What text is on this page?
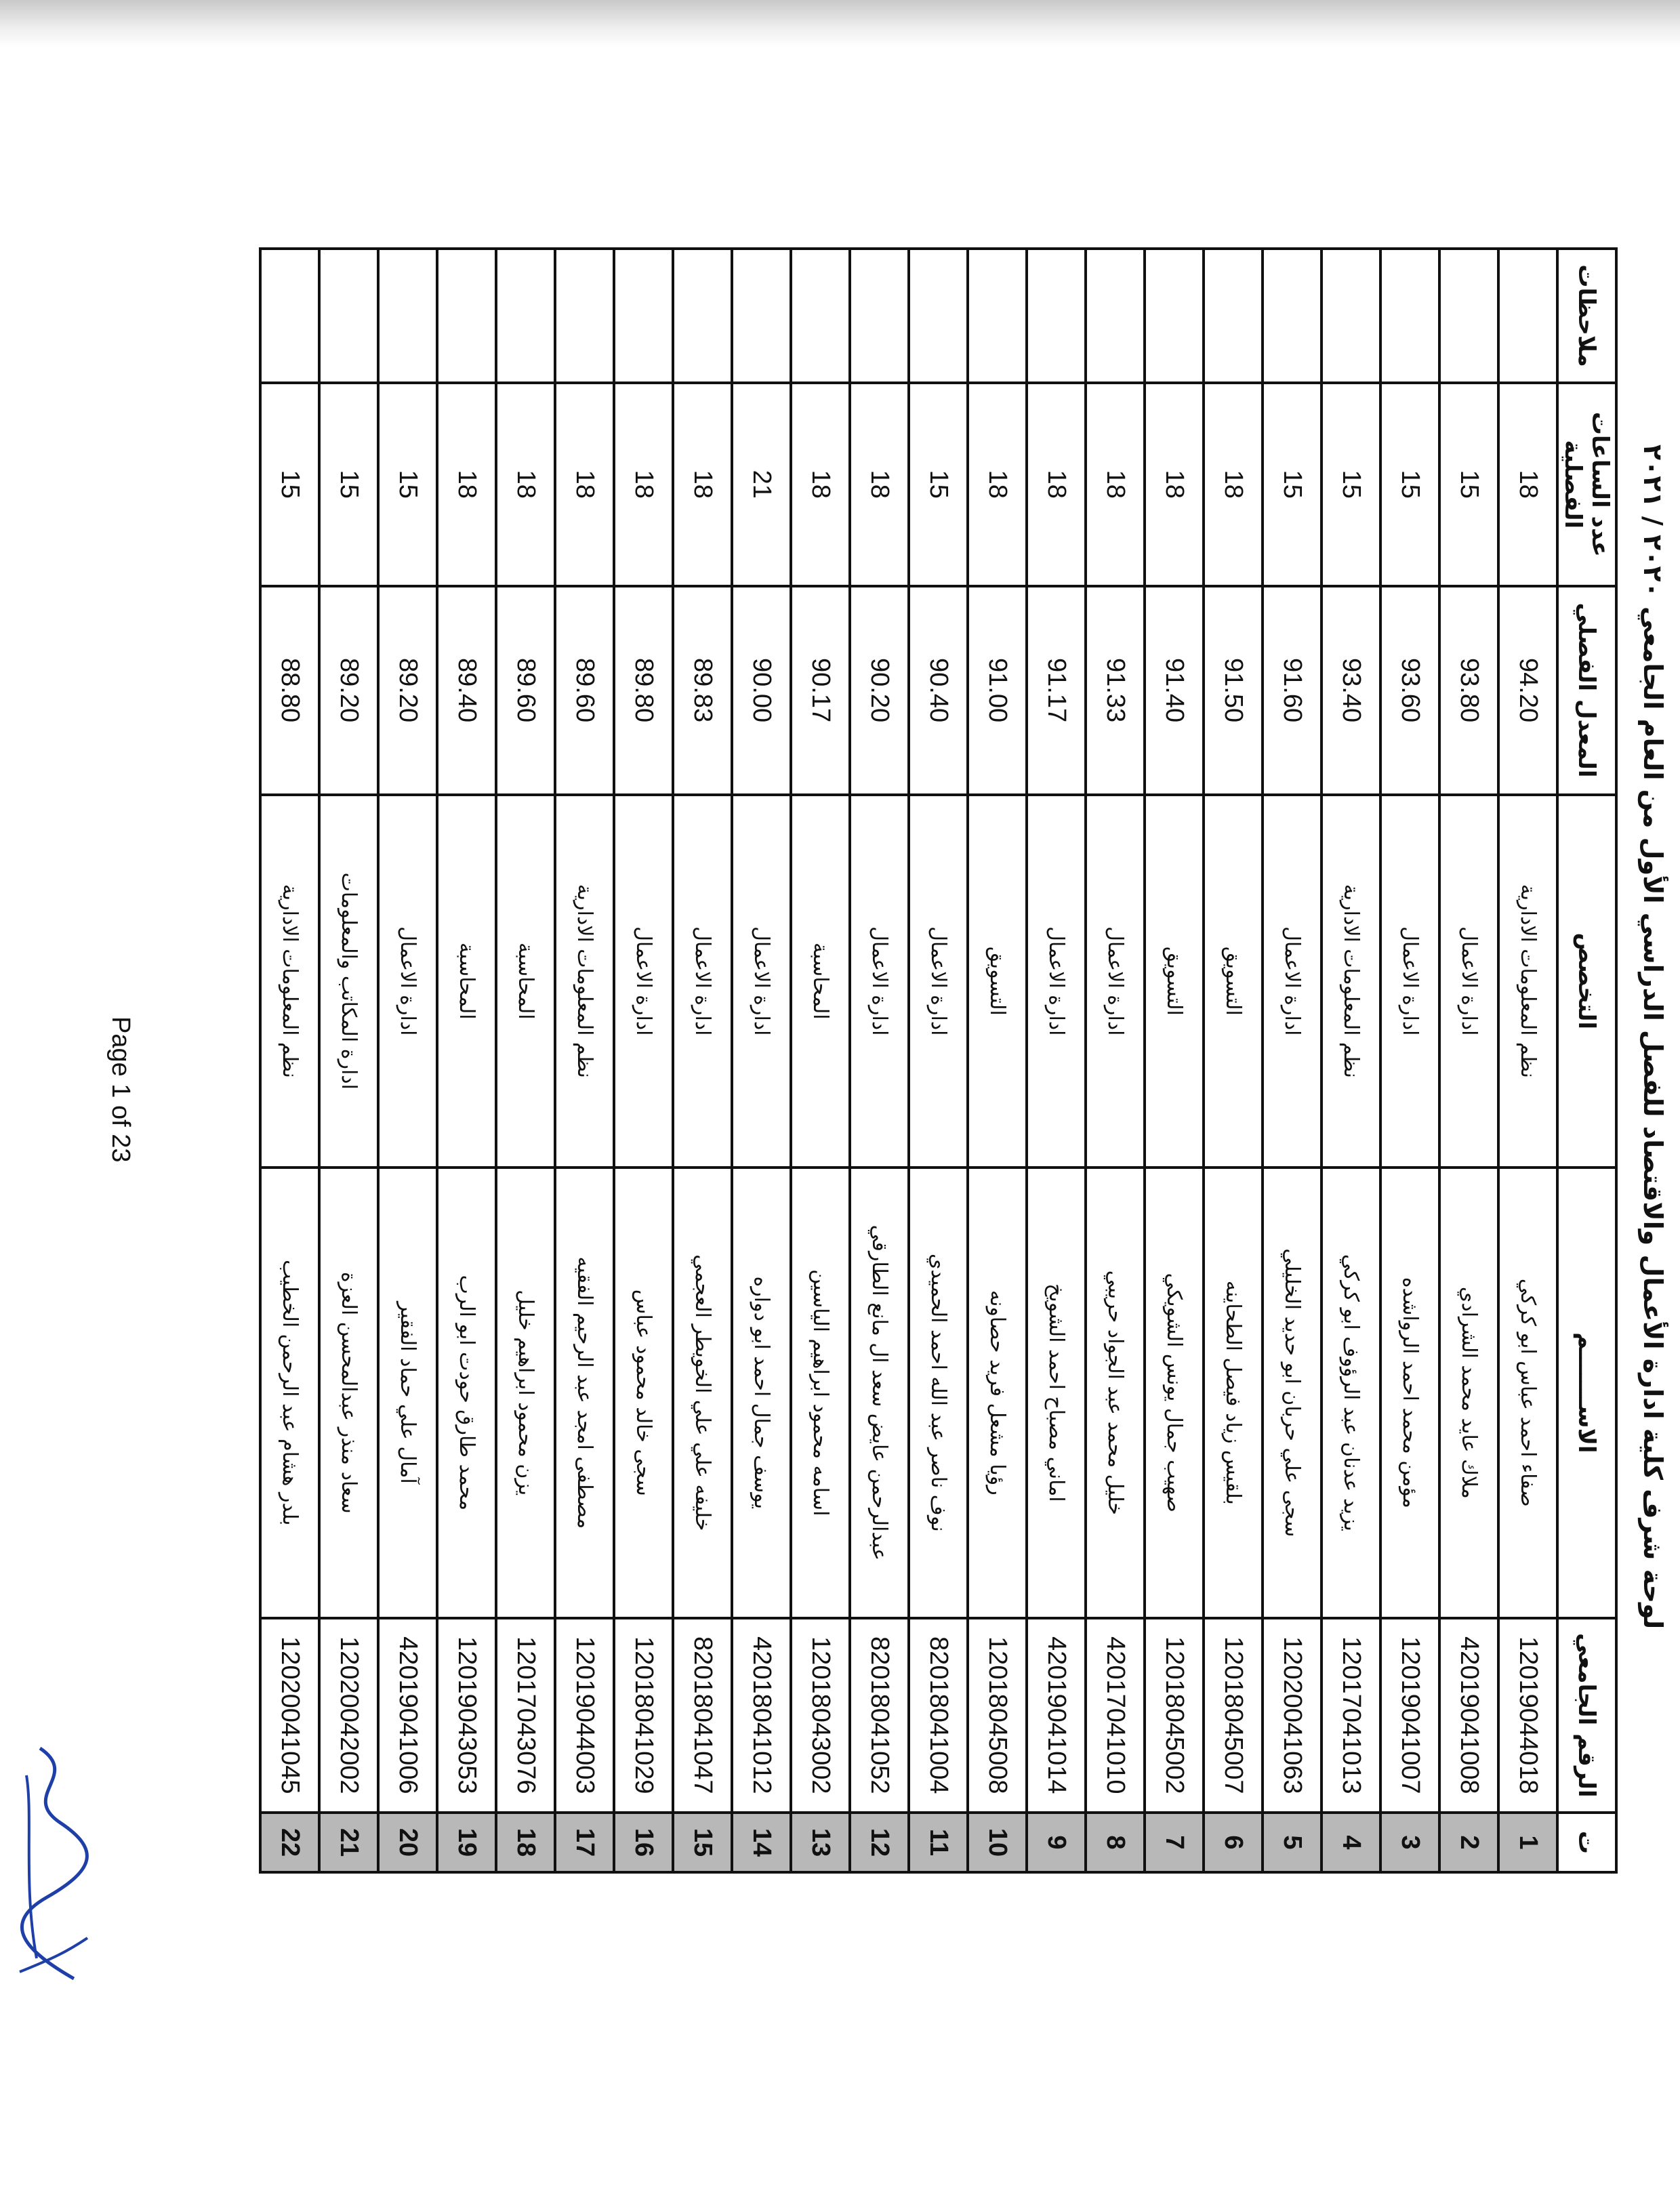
لوحة شرف كلية ادارة الأعمال والاقتصاد للفصل الدراسي الأول من العام الجامعي ٢٠٢٠ / ٢٠٢١
ت	الرقم الجامعي	الاســـــــم	التخصص	المعدل الفصلي	عدد الساعات الفصلية	ملاحظات
1	12019044018	صفاء احمد عباس ابو كركي	نظم المعلومات الادارية	94.20	18	
2	42019041008	ملاك عايد محمد الشرادي	ادارة الاعمال	93.80	15	
3	12019041007	مؤمن محمد احمد الرواشده	ادارة الاعمال	93.60	15	
4	12017041013	يزيد عدنان عبد الرؤوف ابو كركي	نظم المعلومات الادارية	93.40	15	
5	12020041063	سجى علي حربان ابو حديد الخليلي	ادارة الاعمال	91.60	15	
6	12018045007	بلقيس زياد فيصل الطحاينه	التسويق	91.50	18	
7	12018045002	صهيب جمال يونس الشويكي	التسويق	91.40	18	
8	42017041010	خليل محمد عبد الجواد حريبي	ادارة الاعمال	91.33	18	
9	42019041014	اماني مصباح احمد الشويخ	ادارة الاعمال	91.17	18	
10	12018045008	رؤيا مشعل فريد حصاونه	التسويق	91.00	18	
11	82018041004	نوف ناصر عبد الله احمد الحميدي	ادارة الاعمال	90.40	15	
12	82018041052	عبدالرحمن عايض سعد ال مانع الطارقي	ادارة الاعمال	90.20	18	
13	12018043002	اسامه محمود ابراهيم الياسين	المحاسبة	90.17	18	
14	42018041012	يوسف جمال احمد ابو دواره	ادارة الاعمال	90.00	21	
15	82018041047	خليفه علي علي الخويطر العجمي	ادارة الاعمال	89.83	18	
16	12018041029	سجى خالد محمود عباس	ادارة الاعمال	89.80	18	
17	12019044003	مصطفى امجد عبد الرحيم الفقيه	نظم المعلومات الادارية	89.60	18	
18	12017043076	يزن محمود ابراهيم خليل	المحاسبة	89.60	18	
19	12019043053	محمد طارق حودت ابو الرب	المحاسبة	89.40	18	
20	42019041006	آمال علي حماد الفقير	ادارة الاعمال	89.20	15	
21	12020042002	سعاد منذر عبدالمحسن العزة	ادارة المكاتب والمعلومات	89.20	15	
22	12020041045	بلدر هشام عبد الرحمن الخطيب	نظم المعلومات الادارية	88.80	15	
Page 1 of 23
